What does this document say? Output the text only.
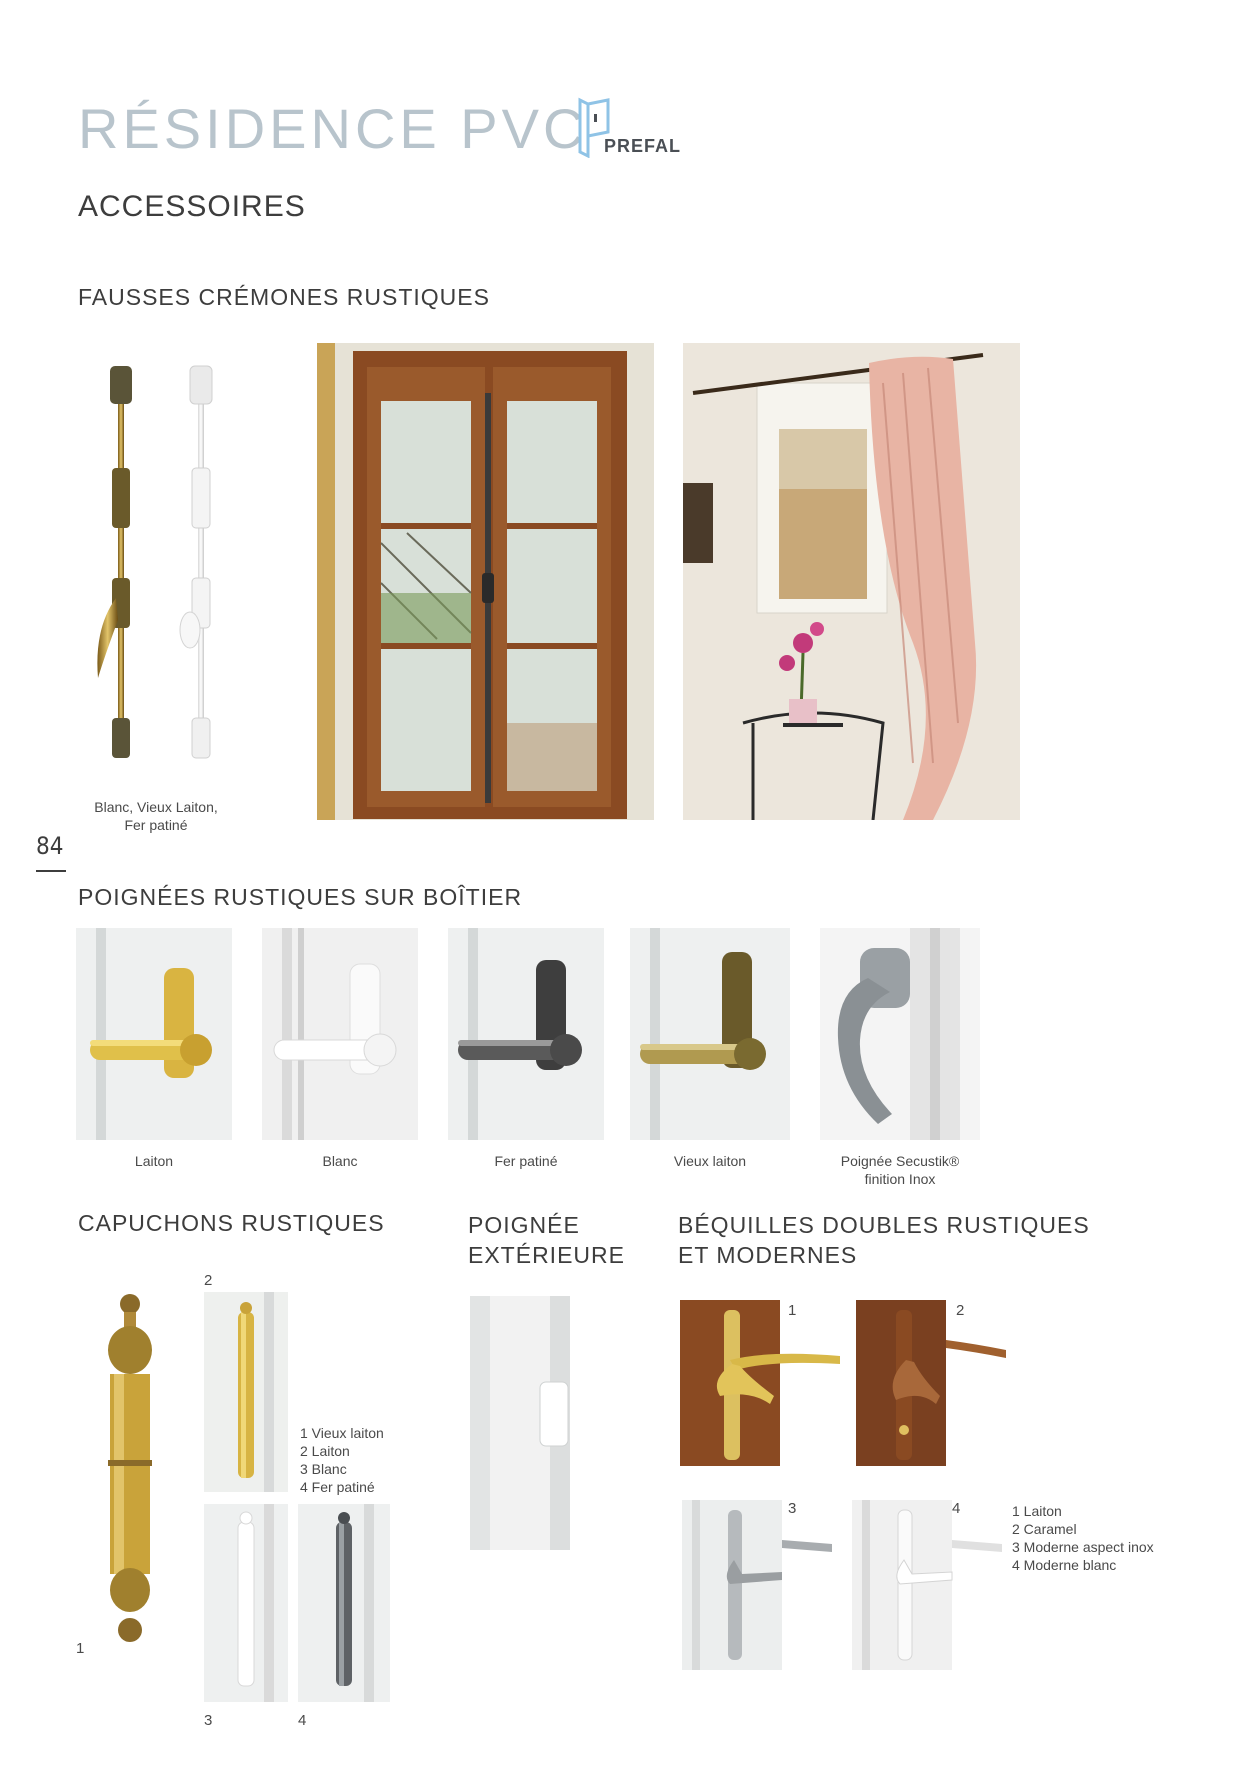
RÉSIDENCE PVC PREFAL
ACCESSOIRES
FAUSSES CRÉMONES RUSTIQUES
Blanc, Vieux Laiton,
Fer patiné
84
POIGNÉES RUSTIQUES SUR BOÎTIER
Laiton	Blanc	Fer patiné	Vieux laiton	Poignée Secustik®
finition Inox
CAPUCHONS RUSTIQUES
1
2
3	4
1 Vieux laiton
2 Laiton
3 Blanc
4 Fer patiné
POIGNÉE
EXTÉRIEURE
BÉQUILLES DOUBLES RUSTIQUES
ET MODERNES
1	2
3	4	1 Laiton
2 Caramel
3 Moderne aspect inox
4 Moderne blanc
